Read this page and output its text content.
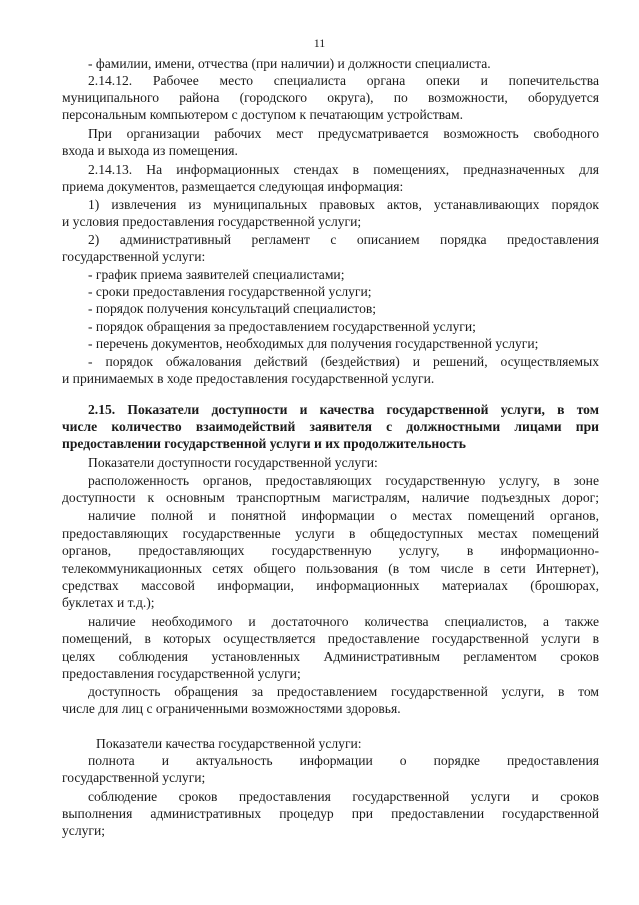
11
- фамилии, имени, отчества (при наличии) и должности специалиста.
2.14.12. Рабочее место специалиста органа опеки и попечительства
муниципального района (городского округа), по возможности, оборудуется
персональным компьютером с доступом к печатающим устройствам.
При организации рабочих мест предусматривается возможность свободного
входа и выхода из помещения.
2.14.13. На информационных стендах в помещениях, предназначенных для
приема документов, размещается следующая информация:
1) извлечения из муниципальных правовых актов, устанавливающих порядок
и условия предоставления государственной услуги;
2) административный регламент с описанием порядка предоставления
государственной услуги:
- график приема заявителей специалистами;
- сроки предоставления государственной услуги;
- порядок получения консультаций специалистов;
- порядок обращения за предоставлением государственной услуги;
- перечень документов, необходимых для получения государственной услуги;
- порядок обжалования действий (бездействия) и решений, осуществляемых
и принимаемых в ходе предоставления государственной услуги.
2.15. Показатели доступности и качества государственной услуги, в том
числе количество взаимодействий заявителя с должностными лицами при
предоставлении государственной услуги и их продолжительность
Показатели доступности государственной услуги:
расположенность органов, предоставляющих государственную услугу, в зоне
доступности к основным транспортным магистралям, наличие подъездных дорог;
наличие полной и понятной информации о местах помещений органов,
предоставляющих государственные услуги в общедоступных местах помещений
органов, предоставляющих государственную услугу, в информационно-
телекоммуникационных сетях общего пользования (в том числе в сети Интернет),
средствах массовой информации, информационных материалах (брошюрах,
буклетах и т.д.);
наличие необходимого и достаточного количества специалистов, а также
помещений, в которых осуществляется предоставление государственной услуги в
целях соблюдения установленных Административным регламентом сроков
предоставления государственной услуги;
доступность обращения за предоставлением государственной услуги, в том
числе для лиц с ограниченными возможностями здоровья.
Показатели качества государственной услуги:
полнота и актуальность информации о порядке предоставления
государственной услуги;
соблюдение сроков предоставления государственной услуги и сроков
выполнения административных процедур при предоставлении государственной
услуги;
